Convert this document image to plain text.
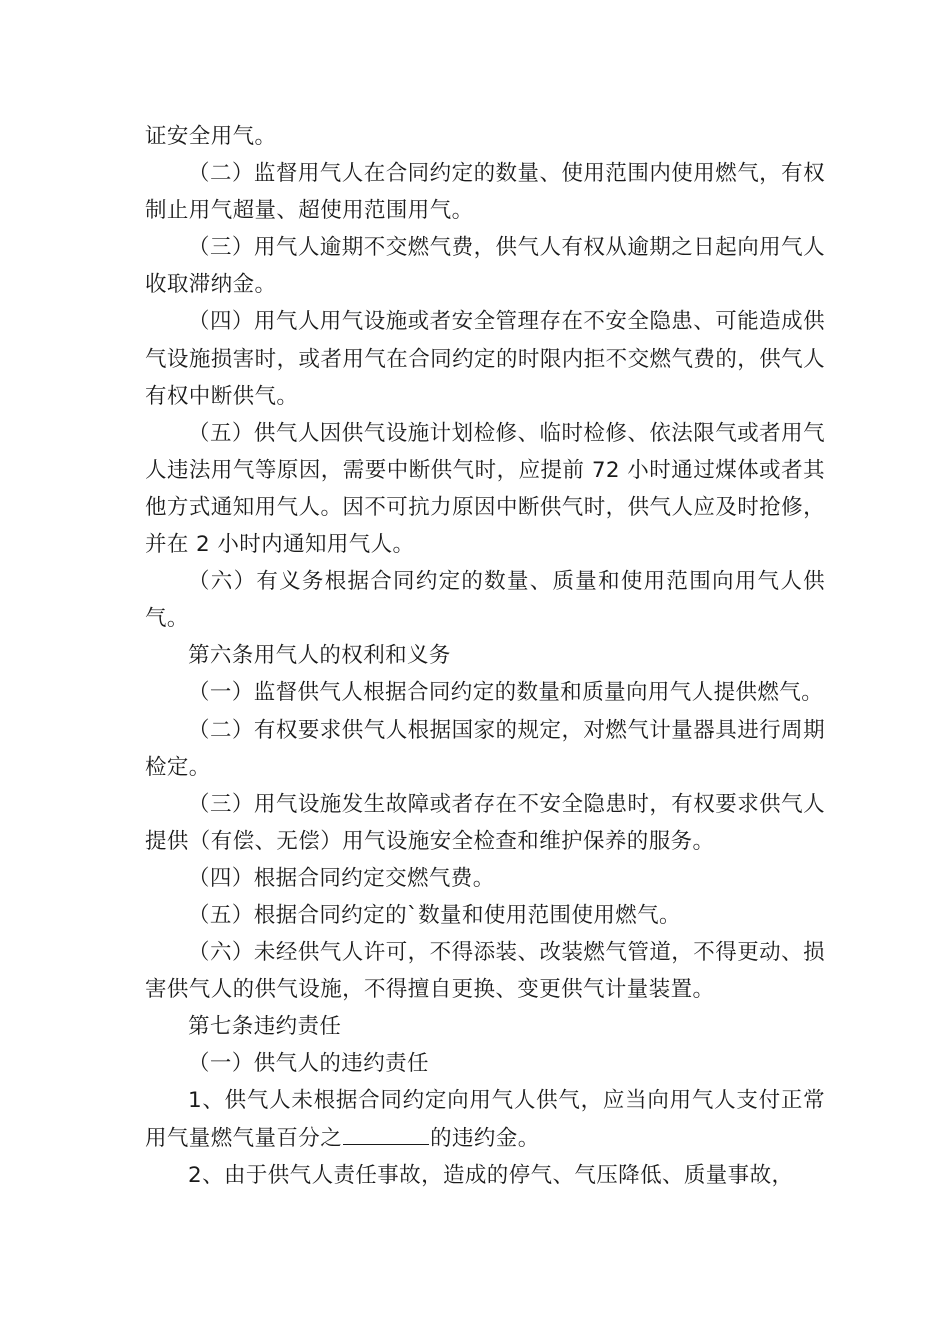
证安全用气。

（二）监督用气人在合同约定的数量、使用范围内使用燃气，有权制止用气超量、超使用范围用气。

（三）用气人逾期不交燃气费，供气人有权从逾期之日起向用气人收取滞纳金。

（四）用气人用气设施或者安全管理存在不安全隐患、可能造成供气设施损害时，或者用气在合同约定的时限内拒不交燃气费的，供气人有权中断供气。

（五）供气人因供气设施计划检修、临时检修、依法限气或者用气人违法用气等原因，需要中断供气时，应提前 72 小时通过煤体或者其他方式通知用气人。因不可抗力原因中断供气时，供气人应及时抢修，并在 2 小时内通知用气人。

（六）有义务根据合同约定的数量、质量和使用范围向用气人供气。

第六条用气人的权利和义务

（一）监督供气人根据合同约定的数量和质量向用气人提供燃气。

（二）有权要求供气人根据国家的规定，对燃气计量器具进行周期检定。

（三）用气设施发生故障或者存在不安全隐患时，有权要求供气人提供（有偿、无偿）用气设施安全检查和维护保养的服务。

（四）根据合同约定交燃气费。

（五）根据合同约定的`数量和使用范围使用燃气。

（六）未经供气人许可，不得添装、改装燃气管道，不得更动、损害供气人的供气设施，不得擅自更换、变更供气计量装置。

第七条违约责任

（一）供气人的违约责任

1、供气人未根据合同约定向用气人供气，应当向用气人支付正常用气量燃气量百分之	的违约金。

2、由于供气人责任事故，造成的停气、气压降低、质量事故，
